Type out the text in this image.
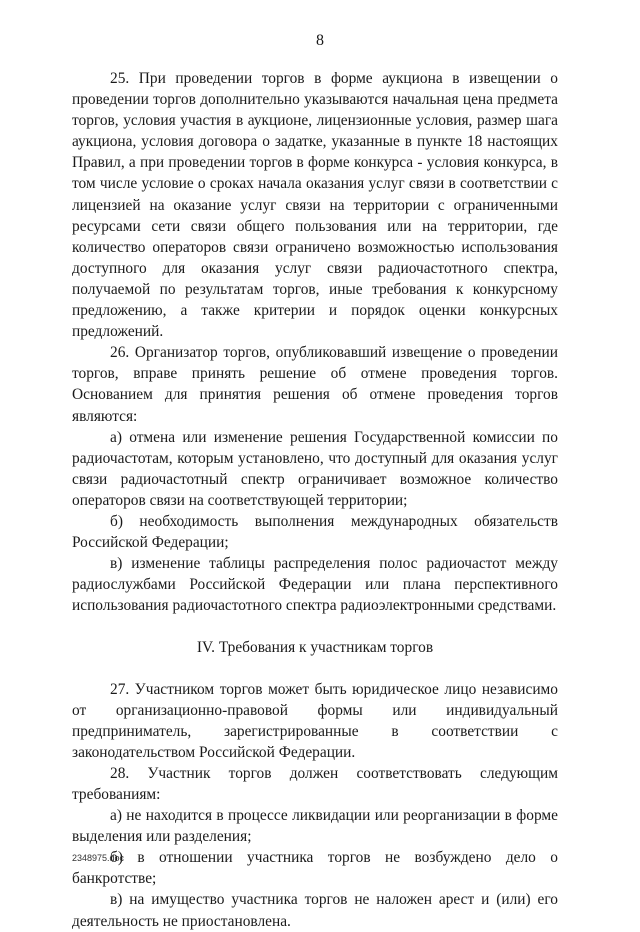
8

25. При проведении торгов в форме аукциона в извещении о проведении торгов дополнительно указываются начальная цена предмета торгов, условия участия в аукционе, лицензионные условия, размер шага аукциона, условия договора о задатке, указанные в пункте 18 настоящих Правил, а при проведении торгов в форме конкурса - условия конкурса, в том числе условие о сроках начала оказания услуг связи в соответствии с лицензией на оказание услуг связи на территории с ограниченными ресурсами сети связи общего пользования или на территории, где количество операторов связи ограничено возможностью использования доступного для оказания услуг связи радиочастотного спектра, получаемой по результатам торгов, иные требования к конкурсному предложению, а также критерии и порядок оценки конкурсных предложений.

26. Организатор торгов, опубликовавший извещение о проведении торгов, вправе принять решение об отмене проведения торгов. Основанием для принятия решения об отмене проведения торгов являются:

а) отмена или изменение решения Государственной комиссии по радиочастотам, которым установлено, что доступный для оказания услуг связи радиочастотный спектр ограничивает возможное количество операторов связи на соответствующей территории;

б) необходимость выполнения международных обязательств Российской Федерации;

в) изменение таблицы распределения полос радиочастот между радиослужбами Российской Федерации или плана перспективного использования радиочастотного спектра радиоэлектронными средствами.

IV. Требования к участникам торгов

27. Участником торгов может быть юридическое лицо независимо от организационно-правовой формы или индивидуальный предприниматель, зарегистрированные в соответствии с законодательством Российской Федерации.

28. Участник торгов должен соответствовать следующим требованиям:

а) не находится в процессе ликвидации или реорганизации в форме выделения или разделения;

б) в отношении участника торгов не возбуждено дело о банкротстве;

в) на имущество участника торгов не наложен арест и (или) его деятельность не приостановлена.

2348975.doc
